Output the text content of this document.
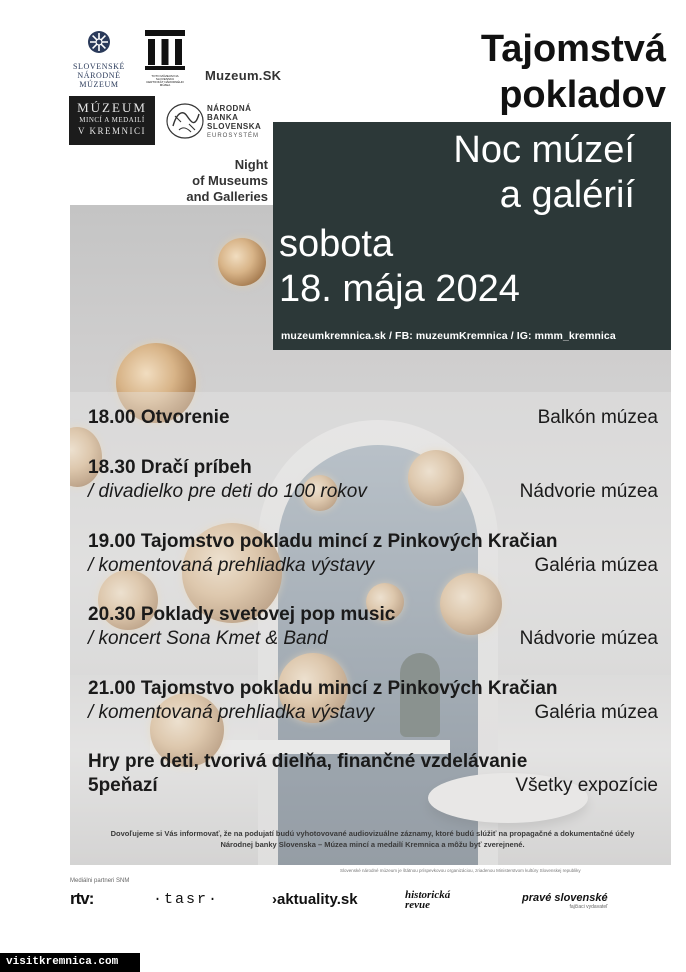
SLOVENSKÉ
NÁRODNÉ
MÚZEUM
TOTO MÚZEUM NA SLOVENSKU
CERTIFIKÁT NÁRODNÉHO MÚZEA
Muzeum.SK
MÚZEUM
MINCÍ A MEDAILÍ
V KREMNICI
NÁRODNÁ
BANKA
SLOVENSKA
EUROSYSTÉM
Night
of Museums
and Galleries
Tajomstvá
pokladov
Noc múzeí
a galérií
sobota
18. mája 2024
muzeumkremnica.sk / FB: muzeumKremnica / IG: mmm_kremnica
18.00 Otvorenie	Balkón múzea
18.30 Dračí príbeh
/ divadielko pre deti do 100 rokov	Nádvorie múzea
19.00 Tajomstvo pokladu mincí z Pinkových Kračian
/ komentovaná prehliadka výstavy	Galéria múzea
20.30 Poklady svetovej pop music
/ koncert Sona Kmet & Band	Nádvorie múzea
21.00 Tajomstvo pokladu mincí z Pinkových Kračian
/ komentovaná prehliadka výstavy	Galéria múzea
Hry pre deti, tvorivá dielňa, finančné vzdelávanie
5peňazí	Všetky expozície
Dovoľujeme si Vás informovať, že na podujatí budú vyhotovované audiovizuálne záznamy, ktoré budú slúžiť na propagačné a dokumentačné účely
Národnej banky Slovenska – Múzea mincí a medailí Kremnica a môžu byť zverejnené.
Slovenské národné múzeum je štátnou príspevkovou organizáciou, zriadenou Ministerstvom kultúry Slovenskej republiky
Mediálni partneri SNM
rtv:	·tasr·	›aktuality.sk	historická
revue
pravé slovenské
fajčiaci vydavateľ
visitkremnica.com
